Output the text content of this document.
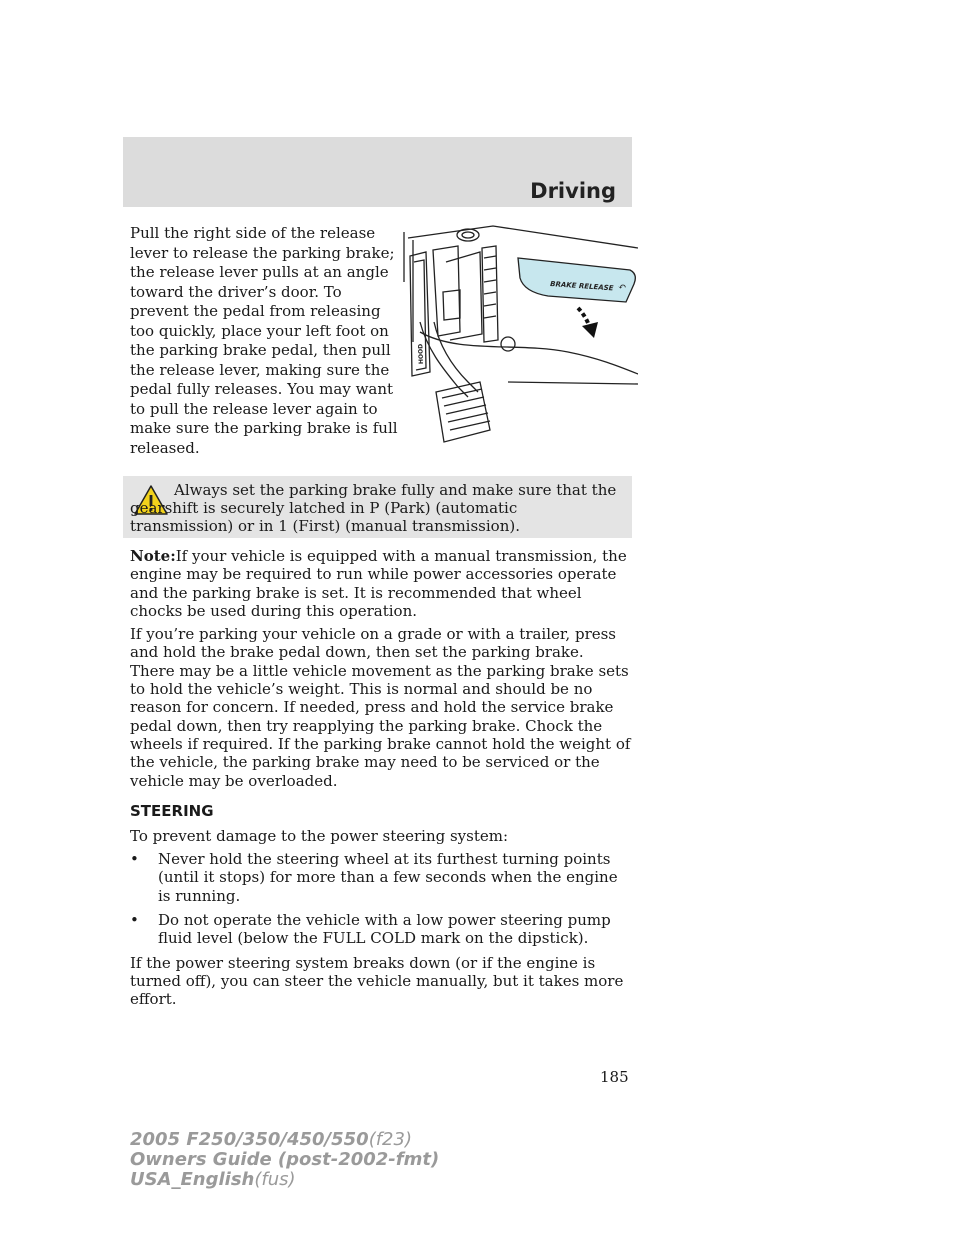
Driving

Pull the right side of the release lever to release the parking brake; the release lever pulls at an angle toward the driver’s door. To prevent the pedal from releasing too quickly, place your left foot on the parking brake pedal, then pull the release lever, making sure the pedal fully releases. You may want to pull the release lever again to make sure the parking brake is full released.

BRAKE RELEASE ↶
HOOD

Always set the parking brake fully and make sure that the gearshift is securely latched in P (Park) (automatic transmission) or in 1 (First) (manual transmission).

Note:If your vehicle is equipped with a manual transmission, the engine may be required to run while power accessories operate and the parking brake is set. It is recommended that wheel chocks be used during this operation.

If you’re parking your vehicle on a grade or with a trailer, press and hold the brake pedal down, then set the parking brake. There may be a little vehicle movement as the parking brake sets to hold the vehicle’s weight. This is normal and should be no reason for concern. If needed, press and hold the service brake pedal down, then try reapplying the parking brake. Chock the wheels if required. If the parking brake cannot hold the weight of the vehicle, the parking brake may need to be serviced or the vehicle may be overloaded.

STEERING

To prevent damage to the power steering system:

• Never hold the steering wheel at its furthest turning points (until it stops) for more than a few seconds when the engine is running.
• Do not operate the vehicle with a low power steering pump fluid level (below the FULL COLD mark on the dipstick).

If the power steering system breaks down (or if the engine is turned off), you can steer the vehicle manually, but it takes more effort.

185
2005 F250/350/450/550(f23)
Owners Guide (post-2002-fmt)
USA_English(fus)
